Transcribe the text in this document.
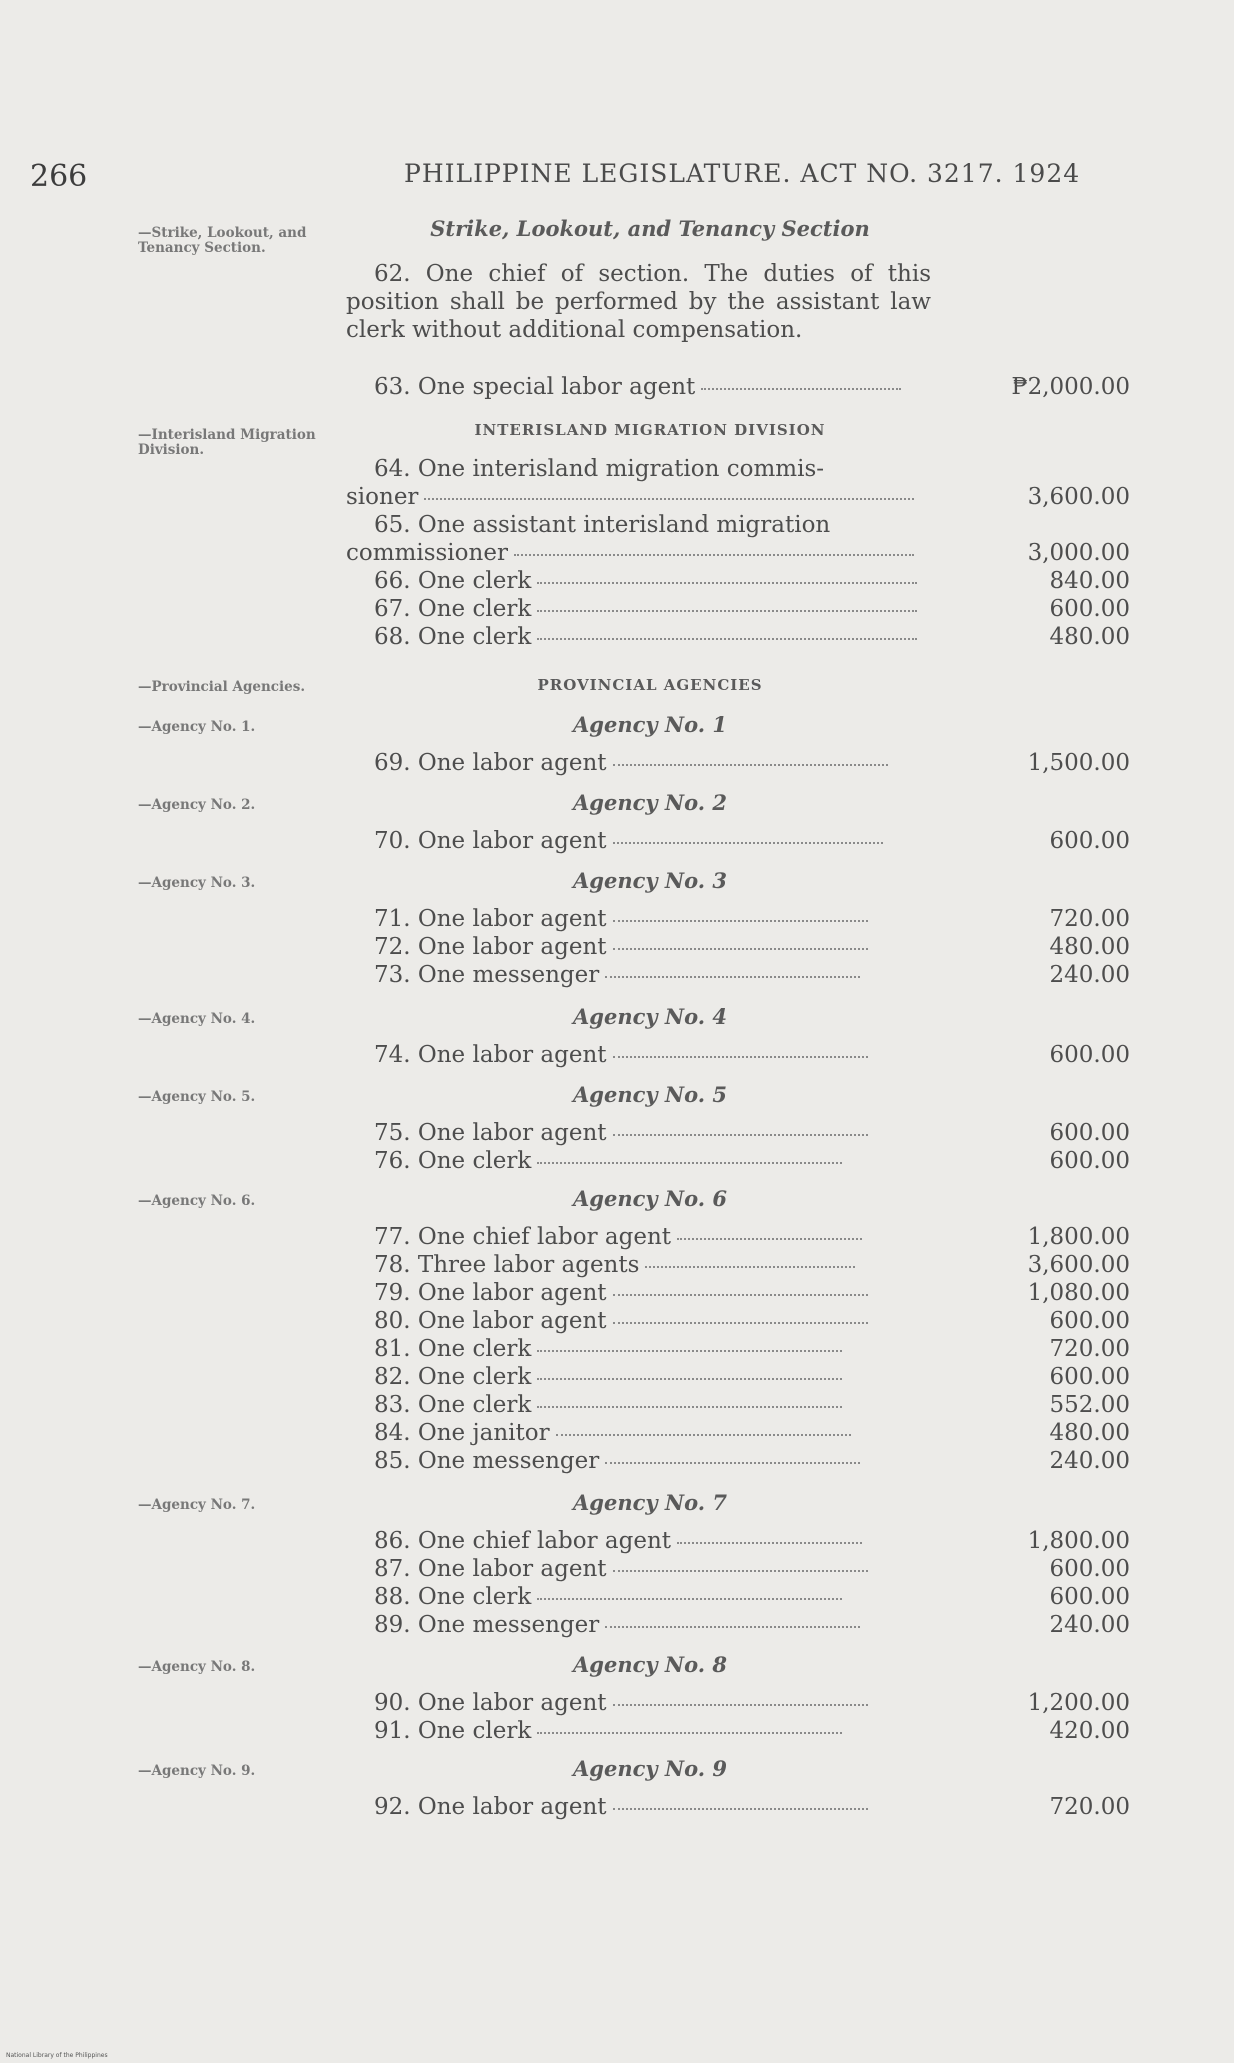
266	PHILIPPINE LEGISLATURE. ACT NO. 3217. 1924
—Strike, Lookout, and Tenancy Section.
Strike, Lookout, and Tenancy Section
62. One chief of section. The duties of this position shall be performed by the assistant law clerk without additional compensation.
63. One special labor agent	₱2,000.00
—Interisland Migration Division.
INTERISLAND MIGRATION DIVISION
64. One interisland migration commis-
sioner	3,600.00
65. One assistant interisland migration
commissioner	3,000.00
66. One clerk	840.00
67. One clerk	600.00
68. One clerk	480.00
—Provincial Agencies.	PROVINCIAL AGENCIES
—Agency No. 1.	Agency No. 1
69. One labor agent	1,500.00
—Agency No. 2.	Agency No. 2
70. One labor agent	600.00
—Agency No. 3.	Agency No. 3
71. One labor agent	720.00
72. One labor agent	480.00
73. One messenger	240.00
—Agency No. 4.	Agency No. 4
74. One labor agent	600.00
—Agency No. 5.	Agency No. 5
75. One labor agent	600.00
76. One clerk	600.00
—Agency No. 6.	Agency No. 6
77. One chief labor agent	1,800.00
78. Three labor agents	3,600.00
79. One labor agent	1,080.00
80. One labor agent	600.00
81. One clerk	720.00
82. One clerk	600.00
83. One clerk	552.00
84. One janitor	480.00
85. One messenger	240.00
—Agency No. 7.	Agency No. 7
86. One chief labor agent	1,800.00
87. One labor agent	600.00
88. One clerk	600.00
89. One messenger	240.00
—Agency No. 8.	Agency No. 8
90. One labor agent	1,200.00
91. One clerk	420.00
—Agency No. 9.	Agency No. 9
92. One labor agent	720.00
National Library of the Philippines
